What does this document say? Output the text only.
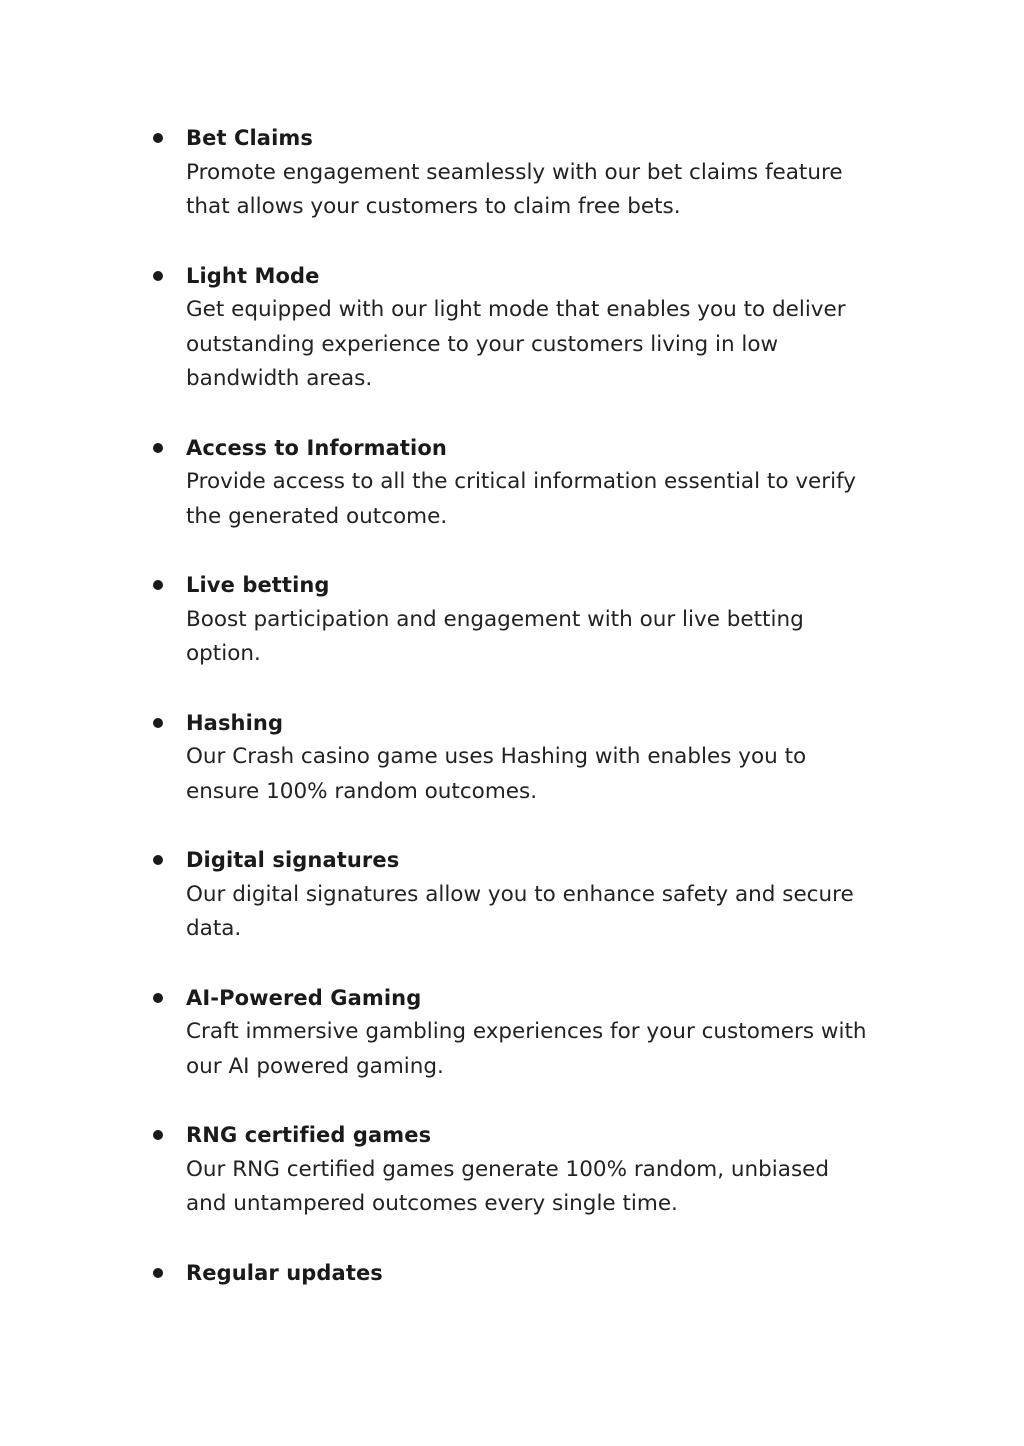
Bet Claims
Promote engagement seamlessly with our bet claims feature
that allows your customers to claim free bets.
Light Mode
Get equipped with our light mode that enables you to deliver
outstanding experience to your customers living in low
bandwidth areas.
Access to Information
Provide access to all the critical information essential to verify
the generated outcome.
Live betting
Boost participation and engagement with our live betting
option.
Hashing
Our Crash casino game uses Hashing with enables you to
ensure 100% random outcomes.
Digital signatures
Our digital signatures allow you to enhance safety and secure
data.
AI-Powered Gaming
Craft immersive gambling experiences for your customers with
our AI powered gaming.
RNG certified games
Our RNG certified games generate 100% random, unbiased
and untampered outcomes every single time.
Regular updates
